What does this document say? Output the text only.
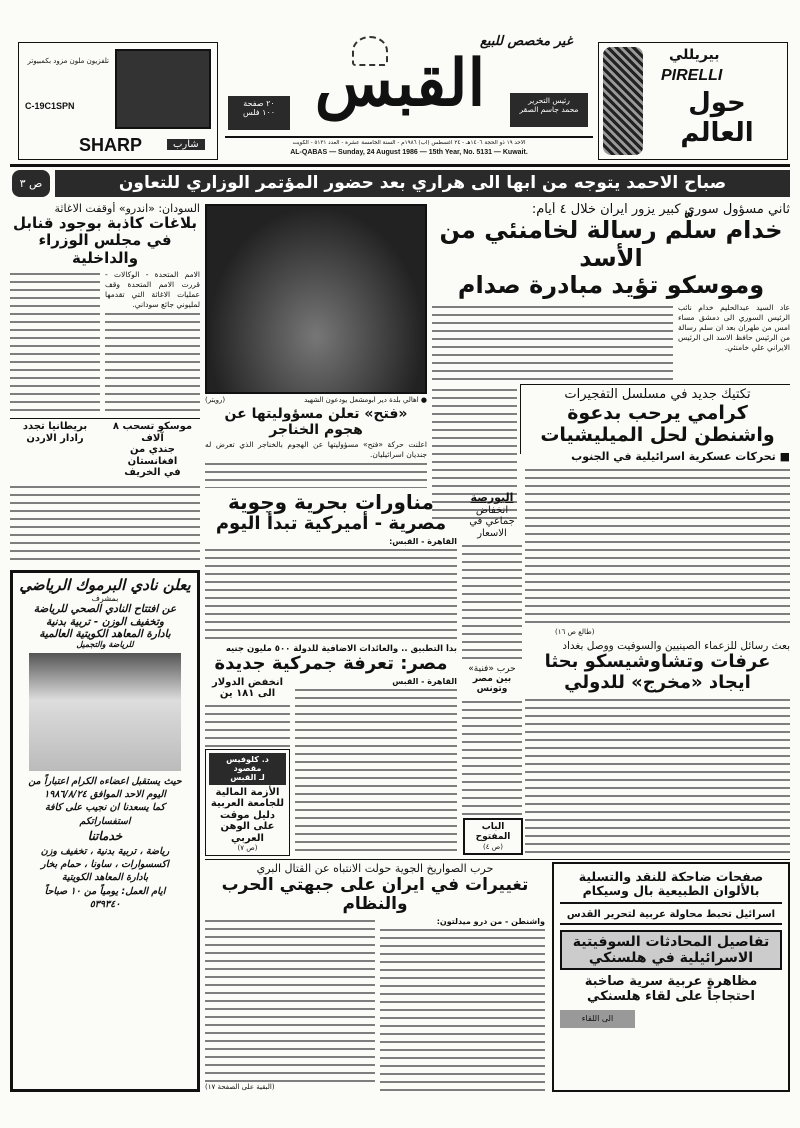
تلفزيون ملون مزود بكمبيوتر
C-19C1SPN
SHARP	شارب
غير مخصص للبيع
القبس
٢٠ صفحة
١٠٠ فلس
رئيس التحرير
محمد جاسم الصقر
الاحد ١٩ ذو الحجة ١٤٠٦هـ - ٢٤ اغسطس (آب) ١٩٨٦م - السنة الخامسة عشرة - العدد ٥١٣١ - الكويت
AL-QABAS — Sunday, 24 August 1986 — 15th Year, No. 5131 — Kuwait.
بيريللي
PIRELLI
حول العالم
صباح الاحمد يتوجه من ابها الى هراري بعد حضور المؤتمر الوزاري للتعاون
ص ٣
ثاني مسؤول سوري كبير يزور ايران خلال ٤ أيام:
خدام سلّم رسالة لخامنئي من الأسد
وموسكو تؤيد مبادرة صدام
عاد السيد عبدالحليم خدام نائب الرئيس السوري الى دمشق مساء امس من طهران بعد ان سلم رسالة من الرئيس حافظ الاسد الى الرئيس الايراني علي خامنئي.
السودان: «اندرو» أوقفت الاغاثة
بلاغات كاذبة بوجود قنابل في مجلس الوزراء والداخلية
الامم المتحدة - الوكالات - قررت الامم المتحدة وقف عمليات الاغاثة التي تقدمها لمليوني جائع سوداني.
بريطانيا تجدد
رادار الاردن
موسكو تسحب ٨ آلاف
جندي من افغانستان
في الخريف
(رويتر)	● اهالي بلدة دير ابومشعل يودعون الشهيد
«فتح» تعلن مسؤوليتها عن هجوم الخناجر
اعلنت حركة «فتح» مسؤوليتها عن الهجوم بالخناجر الذي تعرض له جنديان اسرائيليان.
تكتيك جديد في مسلسل التفجيرات
كرامي يرحب بدعوة
واشنطن لحل الميليشيات
■ تحركات عسكرية اسرائيلية في الجنوب
(طالع ص ١٦)
مناورات بحرية وجوية
مصرية - أميركية تبدأ اليوم
القاهرة - القبس:
البورصة
انخفاض جماعي في الاسعار
حرب «فنية»
بين مصر وتونس
بعث رسائل للزعماء الصينيين والسوفيت ووصل بغداد
عرفات وتشاوشيسكو بحثا
ايجاد «مخرج» للدولي
بدأ التطبيق .. والعائدات الاضافية للدولة ٥٠٠ مليون جنيه
مصر: تعرفة جمركية جديدة
انخفض الدولار
الى ١٨١ ين
د. كلوفيس مقصود
لـ القبس
الأزمة المالية للجامعة العربية دليل موقت على الوهن العربي
(ص ٧)
القاهرة - القبس
الباب المفتوح
(ص ٤)
يعلن نادي البرموك الرياضي
بمشرف
عن افتتاح النادي الصحي للرياضة
وتخفيف الوزن - تربية بدنية
بادارة المعاهد الكويتية العالمية
للرياضة والتجميل
حيث يستقبل اعضاءه الكرام اعتباراً من
اليوم الاحد الموافق ١٩٨٦/٨/٢٤
كما يسعدنا ان نجيب على كافة
استفساراتكم
خدماتنا
رياضة ، تربية بدنية ، تخفيف وزن
اكسسوارات ، ساونا ، حمام بخار
بادارة المعاهد الكويتية
ايام العمل: يومياً من ١٠ صباحاً
٥٣٩٣٤٠
حرب الصواريخ الجوية حولت الانتباه عن القتال البري
تغييرات في ايران على جبهتي الحرب والنظام
(البقية على الصفحة ١٧)
واشنطن - من درو ميدلتون:
صفحات ضاحكة للنقد والتسلية بالألوان الطبيعية بال وسيكام
اسرائيل تحبط محاولة عربية لتحرير القدس
تفاصيل المحادثات السوفيتية الاسرائيلية في هلسنكي
مظاهرة عربية سرية صاخبة احتجاجاً على لقاء هلسنكي
الى اللقاء
